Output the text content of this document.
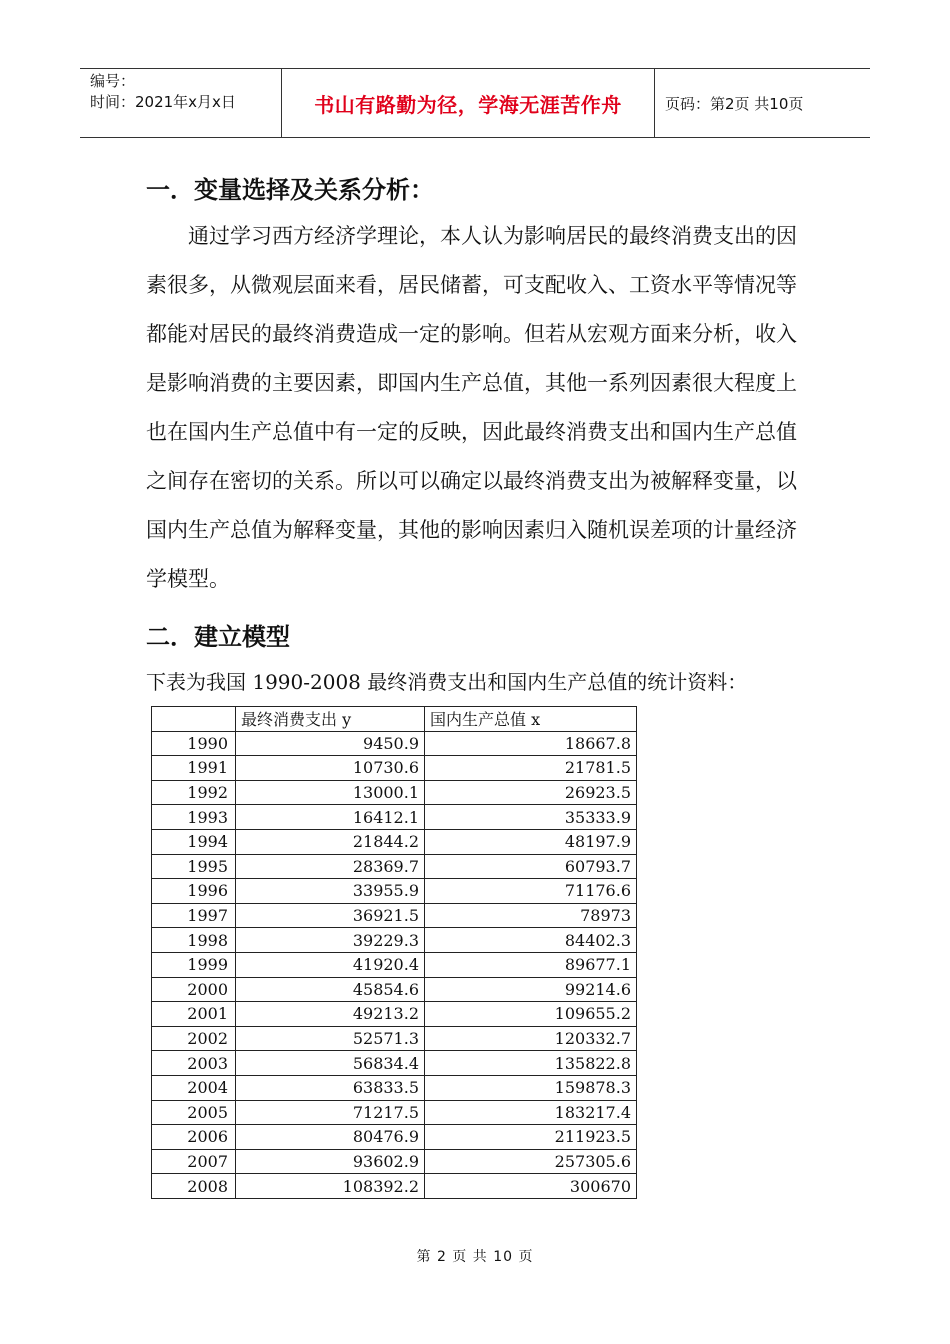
编号：
时间：2021年x月x日	书山有路勤为径，学海无涯苦作舟	页码：第2页 共10页
一．变量选择及关系分析：

通过学习西方经济学理论，本人认为影响居民的最终消费支出的因素很多，从微观层面来看，居民储蓄，可支配收入、工资水平等情况等都能对居民的最终消费造成一定的影响。但若从宏观方面来分析，收入是影响消费的主要因素，即国内生产总值，其他一系列因素很大程度上也在国内生产总值中有一定的反映，因此最终消费支出和国内生产总值之间存在密切的关系。所以可以确定以最终消费支出为被解释变量，以国内生产总值为解释变量，其他的影响因素归入随机误差项的计量经济学模型。

二．建立模型

下表为我国 1990-2008 最终消费支出和国内生产总值的统计资料：

	最终消费支出 y	国内生产总值 x
1990	9450.9	18667.8
1991	10730.6	21781.5
1992	13000.1	26923.5
1993	16412.1	35333.9
1994	21844.2	48197.9
1995	28369.7	60793.7
1996	33955.9	71176.6
1997	36921.5	78973
1998	39229.3	84402.3
1999	41920.4	89677.1
2000	45854.6	99214.6
2001	49213.2	109655.2
2002	52571.3	120332.7
2003	56834.4	135822.8
2004	63833.5	159878.3
2005	71217.5	183217.4
2006	80476.9	211923.5
2007	93602.9	257305.6
2008	108392.2	300670
第 2 页 共 10 页
